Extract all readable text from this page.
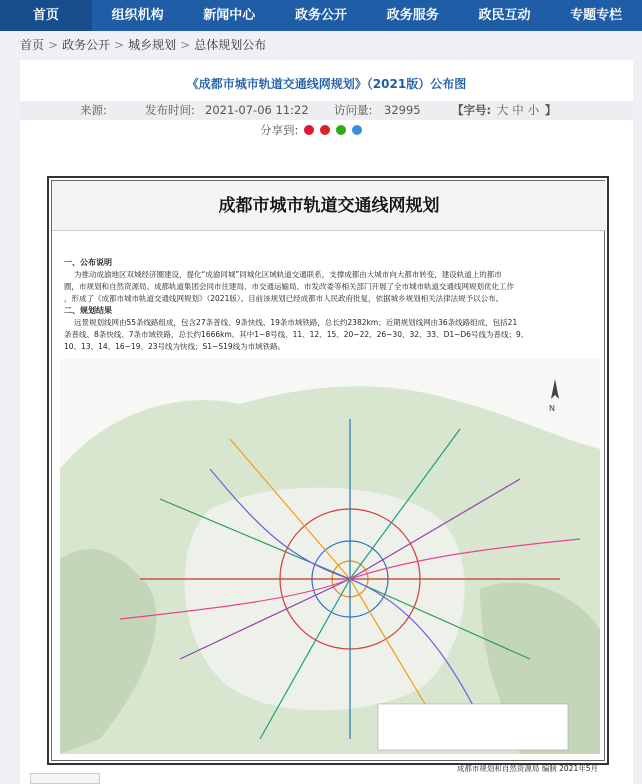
首页	组织机构	新闻中心	政务公开	政务服务	政民互动	专题专栏
首页 > 政务公开 > 城乡规划 > 总体规划公布
《成都市城市轨道交通线网规划》（2021版）公布图
来源:	发布时间: 2021-07-06 11:22 访问量: 32995	【字号: 大 中 小 】
分享到:
成都市城市轨道交通线网规划
一、公布说明
为推动成渝地区双城经济圈建设，提化“成渝同城”同城化区域轨道交通联系，支撑成都由大城市向大都市转变，建设轨道上的都市
圈，市规划和自然资源局、成都轨道集团会同市住建局、市交通运输局、市发改委等相关部门开展了全市城市轨道交通线网规划优化工作
，形成了《成都市城市轨道交通线网规划》（2021版）。目前该规划已经成都市人民政府批复，依据城乡规划相关法律法规予以公布。
二、规划结果
远景规划线网由55条线路组成，包含27条普线、9条快线、19条市域铁路，总长约2382km；近期规划线网由36条线路组成，包括21
条普线、8条快线、7条市域铁路，总长约1666km。其中1~8号线、11、12、15、20~22、26~30、32、33、D1~D6号线为普线；9、
10、13、14、16~19、23号线为快线；S1~S19线为市域铁路。
N
成都市规划和自然资源局 编制 2021年5月
